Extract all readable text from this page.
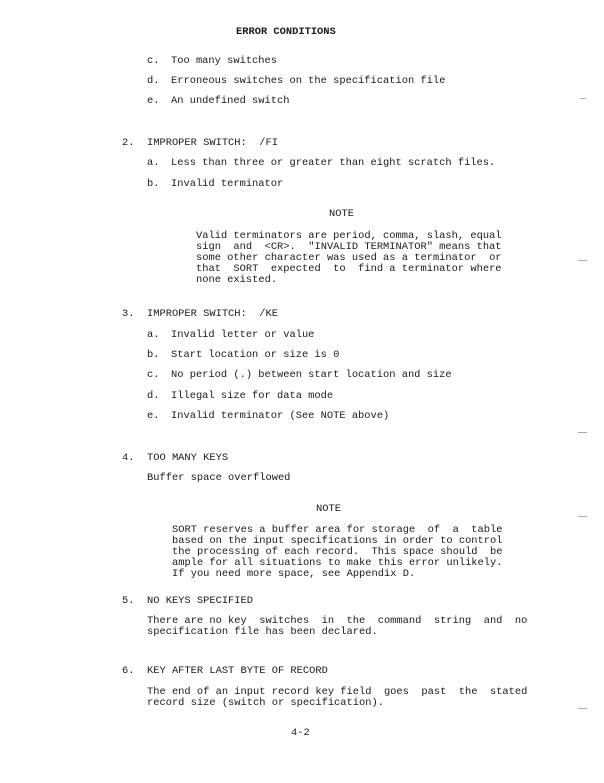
ERROR CONDITIONS
c. Too many switches
d. Erroneous switches on the specification file
e. An undefined switch
2. IMPROPER SWITCH:  /FI
a. Less than three or greater than eight scratch files.
b. Invalid terminator
NOTE
Valid terminators are period, comma, slash, equal
sign  and  <CR>.  "INVALID TERMINATOR" means that
some other character was used as a terminator  or
that  SORT  expected  to  find a terminator where
none existed.
3. IMPROPER SWITCH:  /KE
a. Invalid letter or value
b. Start location or size is 0
c. No period (.) between start location and size
d. Illegal size for data mode
e. Invalid terminator (See NOTE above)
4. TOO MANY KEYS
Buffer space overflowed
NOTE
SORT reserves a buffer area for storage  of  a  table
based on the input specifications in order to control
the processing of each record.  This space should  be
ample for all situations to make this error unlikely.
If you need more space, see Appendix D.
5. NO KEYS SPECIFIED
There are no key  switches  in  the  command  string  and  no
specification file has been declared.
6. KEY AFTER LAST BYTE OF RECORD
The end of an input record key field  goes  past  the  stated
record size (switch or specification).
4-2
